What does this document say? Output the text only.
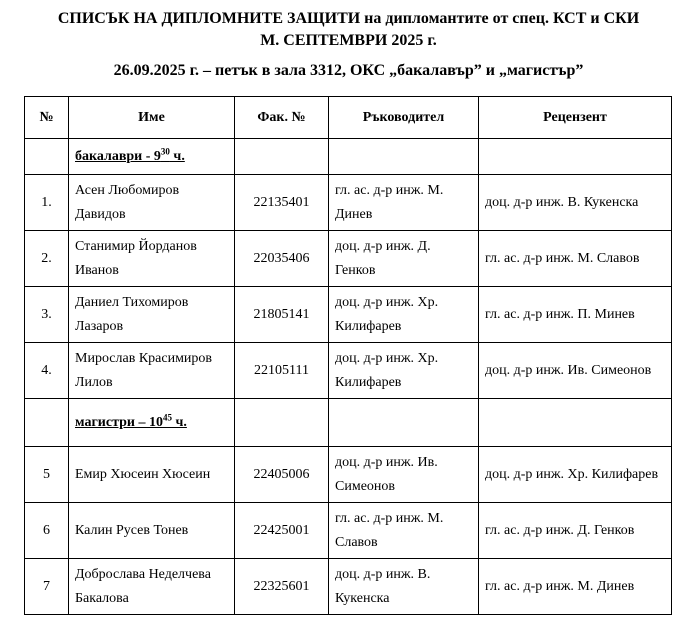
СПИСЪК НА ДИПЛОМНИТЕ ЗАЩИТИ на дипломантите от спец. КСТ и СКИ
М. СЕПТЕМВРИ 2025 г.
26.09.2025 г. – петък в зала 3312, ОКС „бакалавър” и „магистър”
№	Име	Фак. №	Ръководител	Рецензент
	бакалаври - $9^{30}$ ч.			
1.	Асен Любомиров Давидов	22135401	гл. ас. д-р инж. М. Динев	доц. д-р инж. В. Кукенска
2.	Станимир Йорданов Иванов	22035406	доц. д-р инж. Д. Генков	гл. ас. д-р инж. М. Славов
3.	Даниел Тихомиров Лазаров	21805141	доц. д-р инж. Хр. Килифарев	гл. ас. д-р инж. П. Минев
4.	Мирослав Красимиров Лилов	22105111	доц. д-р инж. Хр. Килифарев	доц. д-р инж. Ив. Симеонов
	магистри – $10^{45}$ ч.			
5	Емир Хюсеин Хюсеин	22405006	доц. д-р инж. Ив. Симеонов	доц. д-р инж. Хр. Килифарев
6	Калин Русев Тонев	22425001	гл. ас. д-р инж. М. Славов	гл. ас. д-р инж. Д. Генков
7	Доброслава Неделчева Бакалова	22325601	доц. д-р инж. В. Кукенска	гл. ас. д-р инж. М. Динев
